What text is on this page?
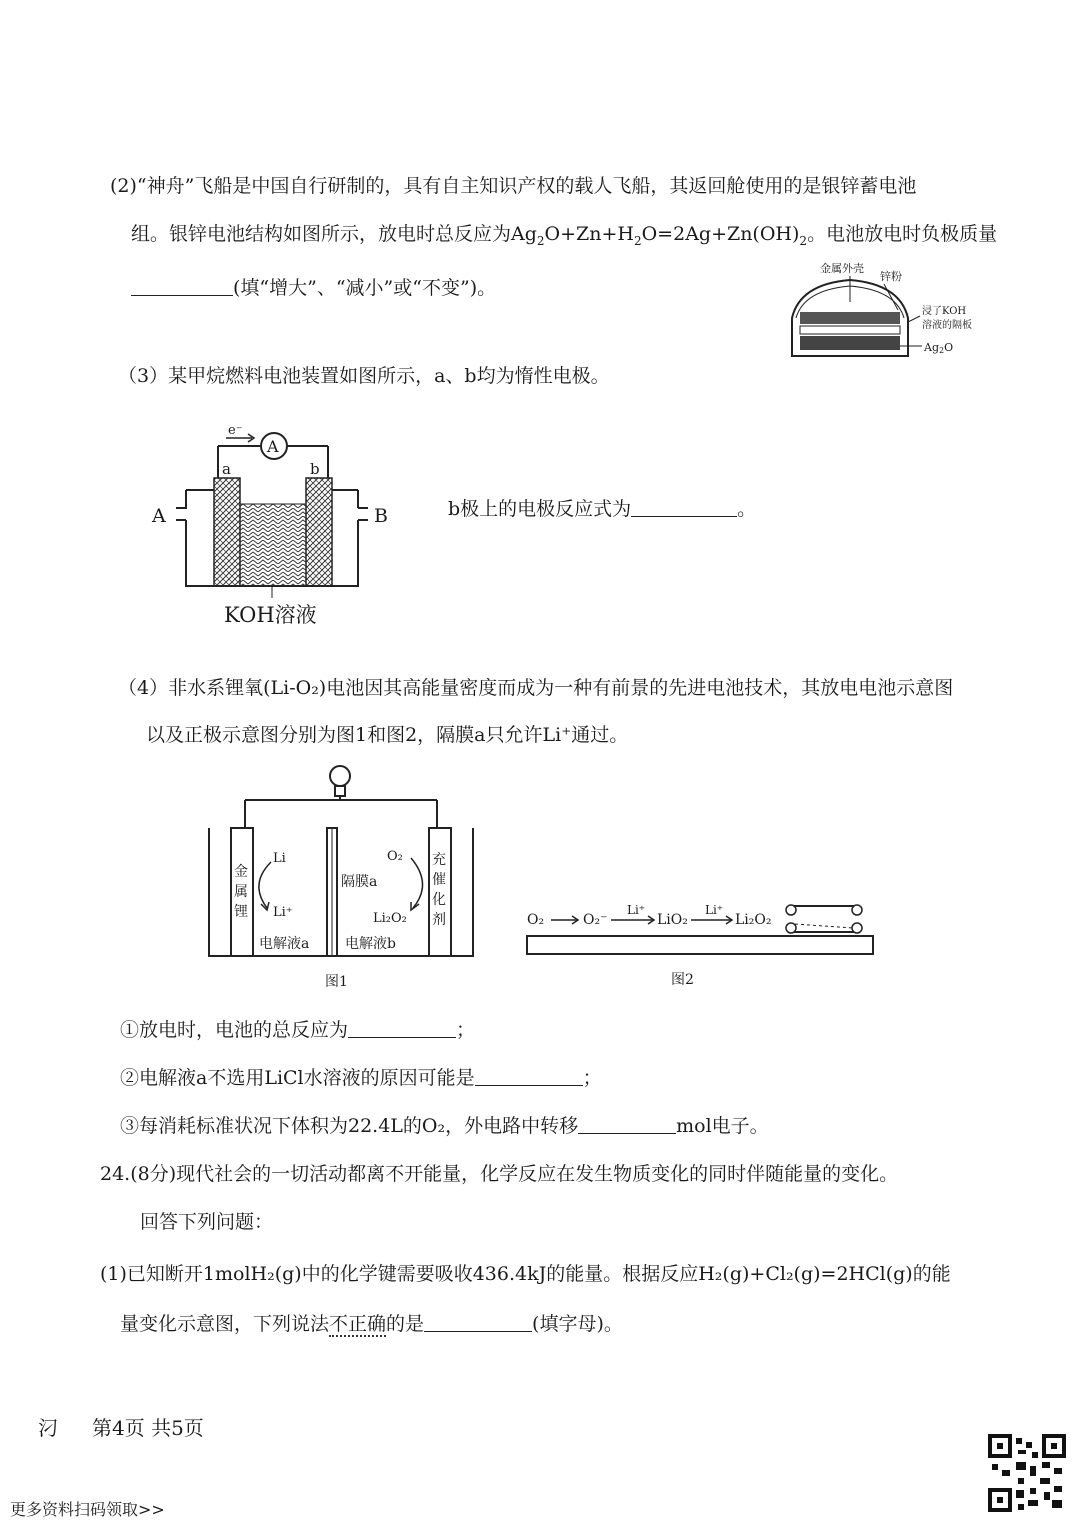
(2)“神舟”飞船是中国自行研制的，具有自主知识产权的载人飞船，其返回舱使用的是银锌蓄电池
组。银锌电池结构如图所示，放电时总反应为$Ag_2O+Zn+H_2O=2Ag+Zn(OH)_2$。电池放电时负极质量
(填“增大”、“减小”或“不变”)。
金属外壳
锌粉
浸了KOH
溶液的隔板
Ag2O
（3）某甲烷燃料电池装置如图所示，a、b均为惰性电极。
A
e⁻
a	b
A	B
KOH溶液
b极上的电极反应式为	。
（4）非水系锂氧(Li-O₂)电池因其高能量密度而成为一种有前景的先进电池技术，其放电电池示意图
以及正极示意图分别为图1和图2，隔膜a只允许Li⁺通过。
金
属
锂
充
催
化
剂
Li
Li⁺
隔膜a
O₂
Li₂O₂
电解液a	电解液b
图1
O₂	O₂⁻
Li⁺
LiO₂
Li⁺
Li₂O₂
图2
①放电时，电池的总反应为	；
②电解液a不选用LiCl水溶液的原因可能是	；
③每消耗标准状况下体积为22.4L的O₂，外电路中转移	mol电子。
24.(8分)现代社会的一切活动都离不开能量，化学反应在发生物质变化的同时伴随能量的变化。
回答下列问题：
(1)已知断开1molH₂(g)中的化学键需要吸收436.4kJ的能量。根据反应H₂(g)+Cl₂(g)=2HCl(g)的能
量变化示意图，下列说法不正确的是	(填字母)。
汈 第4页 共5页
更多资料扫码领取>>
